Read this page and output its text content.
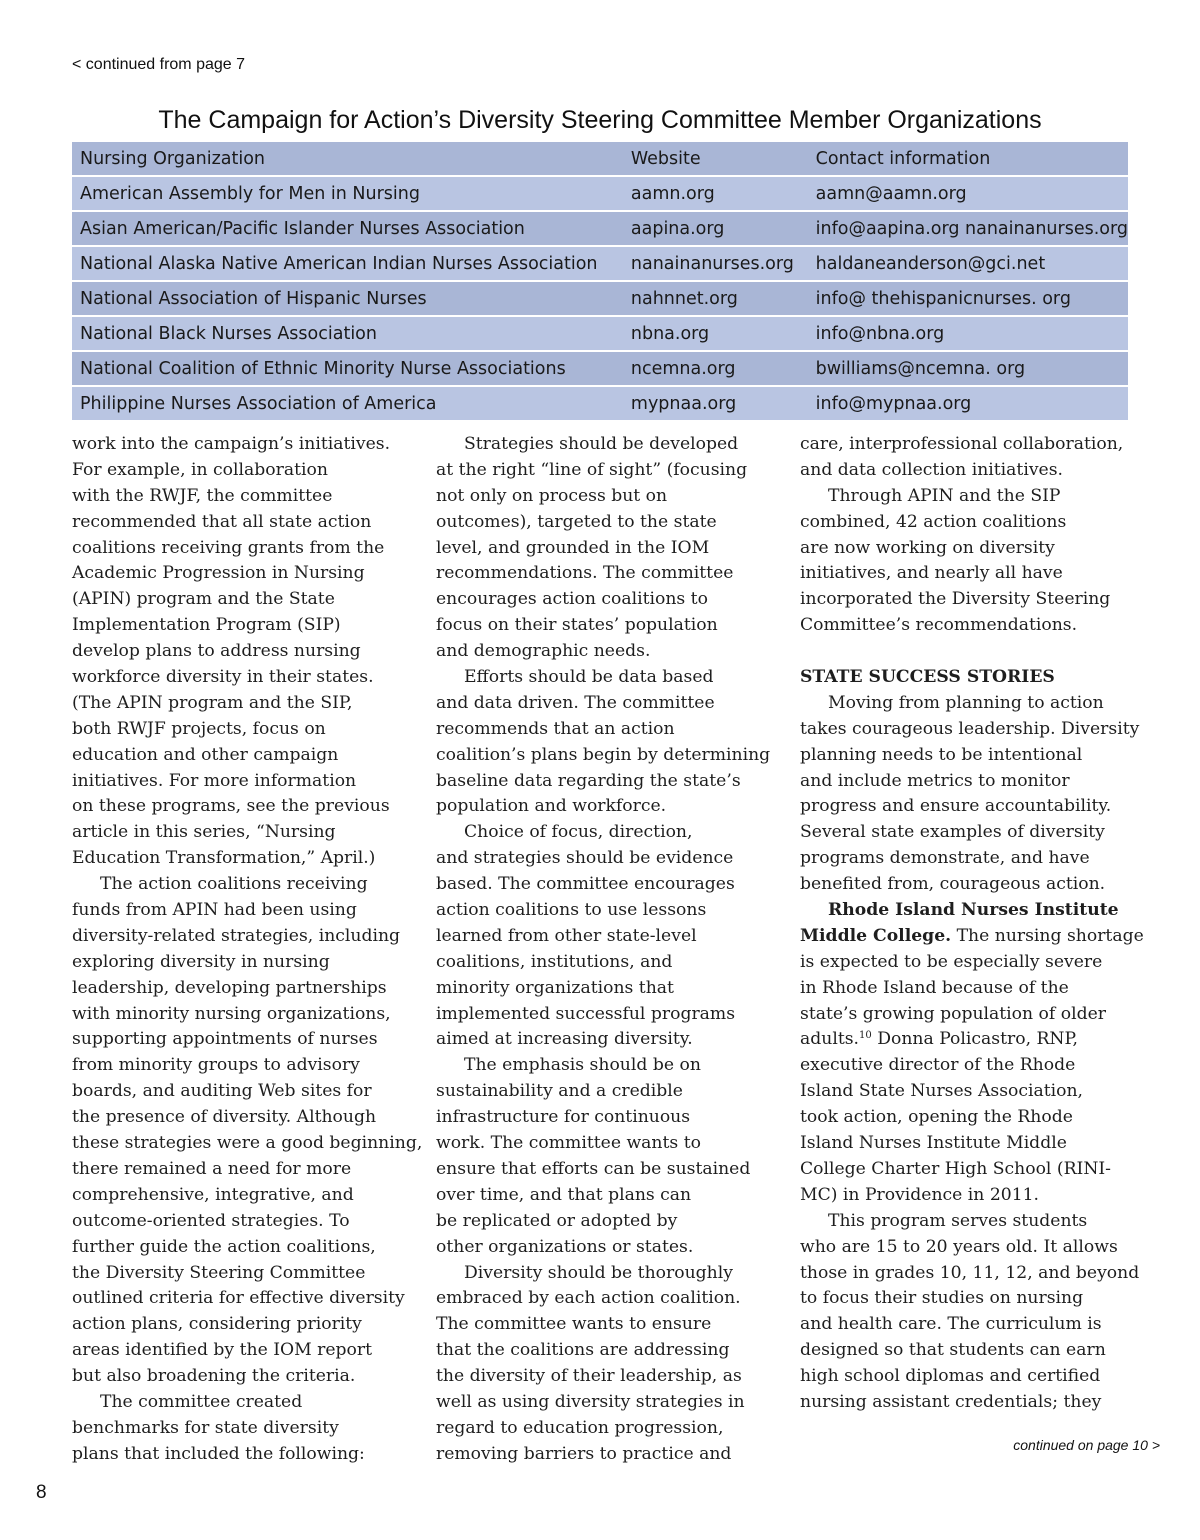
< continued from page 7
The Campaign for Action’s Diversity Steering Committee Member Organizations
Nursing Organization	Website	Contact information
American Assembly for Men in Nursing	aamn.org	aamn@aamn.org
Asian American/Pacific Islander Nurses Association	aapina.org	info@aapina.org nanainanurses.org
National Alaska Native American Indian Nurses Association	nanainanurses.org	haldaneanderson@gci.net
National Association of Hispanic Nurses	nahnnet.org	info@ thehispanicnurses. org
National Black Nurses Association	nbna.org	info@nbna.org
National Coalition of Ethnic Minority Nurse Associations	ncemna.org	bwilliams@ncemna. org
Philippine Nurses Association of America	mypnaa.org	info@mypnaa.org
work into the campaign’s initiatives.
For example, in collaboration
with the RWJF, the committee
recommended that all state action
coalitions receiving grants from the
Academic Progression in Nursing
(APIN) program and the State
Implementation Program (SIP)
develop plans to address nursing
workforce diversity in their states.
(The APIN program and the SIP,
both RWJF projects, focus on
education and other campaign
initiatives. For more information
on these programs, see the previous
article in this series, “Nursing
Education Transformation,” April.)
The action coalitions receiving
funds from APIN had been using
diversity-related strategies, including
exploring diversity in nursing
leadership, developing partnerships
with minority nursing organizations,
supporting appointments of nurses
from minority groups to advisory
boards, and auditing Web sites for
the presence of diversity. Although
these strategies were a good beginning,
there remained a need for more
comprehensive, integrative, and
outcome-oriented strategies. To
further guide the action coalitions,
the Diversity Steering Committee
outlined criteria for effective diversity
action plans, considering priority
areas identified by the IOM report
but also broadening the criteria.
The committee created
benchmarks for state diversity
plans that included the following:
Strategies should be developed
at the right “line of sight” (focusing
not only on process but on
outcomes), targeted to the state
level, and grounded in the IOM
recommendations. The committee
encourages action coalitions to
focus on their states’ population
and demographic needs.
Efforts should be data based
and data driven. The committee
recommends that an action
coalition’s plans begin by determining
baseline data regarding the state’s
population and workforce.
Choice of focus, direction,
and strategies should be evidence
based. The committee encourages
action coalitions to use lessons
learned from other state-level
coalitions, institutions, and
minority organizations that
implemented successful programs
aimed at increasing diversity.
The emphasis should be on
sustainability and a credible
infrastructure for continuous
work. The committee wants to
ensure that efforts can be sustained
over time, and that plans can
be replicated or adopted by
other organizations or states.
Diversity should be thoroughly
embraced by each action coalition.
The committee wants to ensure
that the coalitions are addressing
the diversity of their leadership, as
well as using diversity strategies in
regard to education progression,
removing barriers to practice and
care, interprofessional collaboration,
and data collection initiatives.
Through APIN and the SIP
combined, 42 action coalitions
are now working on diversity
initiatives, and nearly all have
incorporated the Diversity Steering
Committee’s recommendations.
STATE SUCCESS STORIES
Moving from planning to action
takes courageous leadership. Diversity
planning needs to be intentional
and include metrics to monitor
progress and ensure accountability.
Several state examples of diversity
programs demonstrate, and have
benefited from, courageous action.
Rhode Island Nurses Institute
Middle College. The nursing shortage
is expected to be especially severe
in Rhode Island because of the
state’s growing population of older
adults.$^{10}$ Donna Policastro, RNP,
executive director of the Rhode
Island State Nurses Association,
took action, opening the Rhode
Island Nurses Institute Middle
College Charter High School (RINI-
MC) in Providence in 2011.
This program serves students
who are 15 to 20 years old. It allows
those in grades 10, 11, 12, and beyond
to focus their studies on nursing
and health care. The curriculum is
designed so that students can earn
high school diplomas and certified
nursing assistant credentials; they
continued on page 10 >
8
